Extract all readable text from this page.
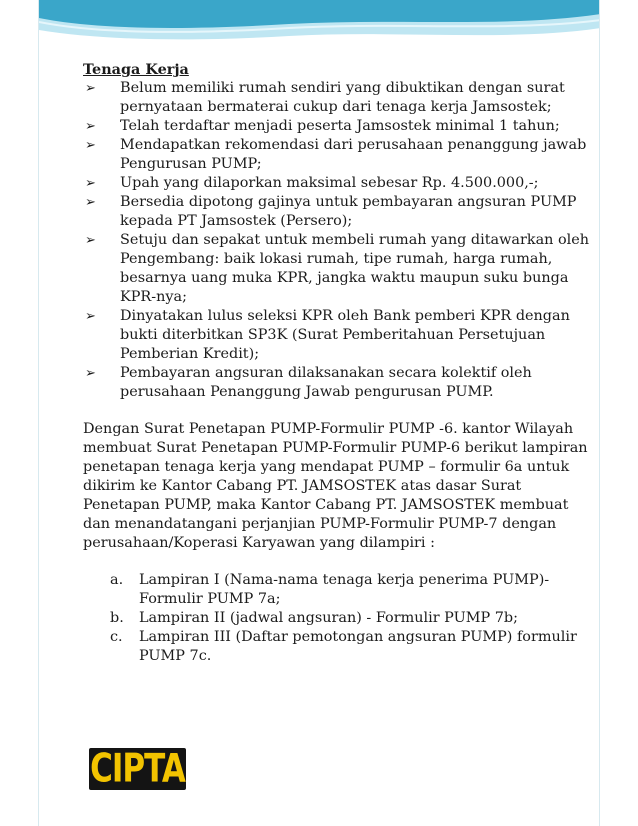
Tenaga Kerja

➢ Belum memiliki rumah sendiri yang dibuktikan dengan surat pernyataan bermaterai cukup dari tenaga kerja Jamsostek;
➢ Telah terdaftar menjadi peserta Jamsostek minimal 1 tahun;
➢ Mendapatkan rekomendasi dari perusahaan penanggung jawab Pengurusan PUMP;
➢ Upah yang dilaporkan maksimal sebesar Rp. 4.500.000,-;
➢ Bersedia dipotong gajinya untuk pembayaran angsuran PUMP kepada PT Jamsostek (Persero);
➢ Setuju dan sepakat untuk membeli rumah yang ditawarkan oleh Pengembang: baik lokasi rumah, tipe rumah, harga rumah, besarnya uang muka KPR, jangka waktu maupun suku bunga KPR-nya;
➢ Dinyatakan lulus seleksi KPR oleh Bank pemberi KPR dengan bukti diterbitkan SP3K (Surat Pemberitahuan Persetujuan Pemberian Kredit);
➢ Pembayaran angsuran dilaksanakan secara kolektif oleh perusahaan Penanggung Jawab pengurusan PUMP.

Dengan Surat Penetapan PUMP-Formulir PUMP -6. kantor Wilayah membuat Surat Penetapan PUMP-Formulir PUMP-6 berikut lampiran penetapan tenaga kerja yang mendapat PUMP – formulir 6a untuk dikirim ke Kantor Cabang PT. JAMSOSTEK atas dasar Surat Penetapan PUMP, maka Kantor Cabang PT. JAMSOSTEK membuat dan menandatangani perjanjian PUMP-Formulir PUMP-7 dengan perusahaan/Koperasi Karyawan yang dilampiri :

a. Lampiran I (Nama-nama tenaga kerja penerima PUMP)- Formulir PUMP 7a;
b. Lampiran II (jadwal angsuran) - Formulir PUMP 7b;
c. Lampiran III (Daftar pemotongan angsuran PUMP) formulir PUMP 7c.
CIPTA
